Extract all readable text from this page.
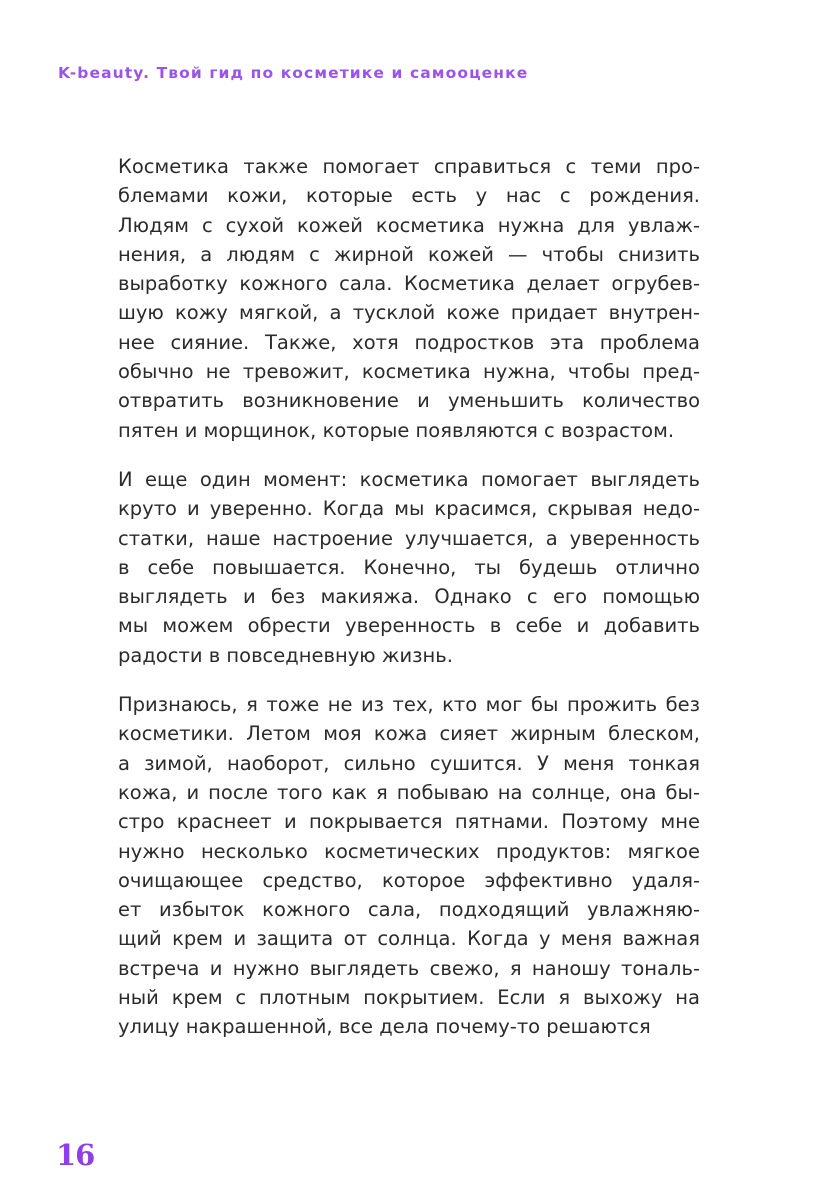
K-beauty. Твой гид по косметике и самооценке

Косметика также помогает справиться с теми про-
блемами кожи, которые есть у нас с рождения.
Людям с сухой кожей косметика нужна для увлаж-
нения, а людям с жирной кожей — чтобы снизить
выработку кожного сала. Косметика делает огрубев-
шую кожу мягкой, а тусклой коже придает внутрен-
нее сияние. Также, хотя подростков эта проблема
обычно не тревожит, косметика нужна, чтобы пред-
отвратить возникновение и уменьшить количество
пятен и морщинок, которые появляются с возрастом.

И еще один момент: косметика помогает выглядеть
круто и уверенно. Когда мы красимся, скрывая недо-
статки, наше настроение улучшается, а уверенность
в себе повышается. Конечно, ты будешь отлично
выглядеть и без макияжа. Однако с его помощью
мы можем обрести уверенность в себе и добавить
радости в повседневную жизнь.

Признаюсь, я тоже не из тех, кто мог бы прожить без
косметики. Летом моя кожа сияет жирным блеском,
а зимой, наоборот, сильно сушится. У меня тонкая
кожа, и после того как я побываю на солнце, она бы-
стро краснеет и покрывается пятнами. Поэтому мне
нужно несколько косметических продуктов: мягкое
очищающее средство, которое эффективно удаля-
ет избыток кожного сала, подходящий увлажняю-
щий крем и защита от солнца. Когда у меня важная
встреча и нужно выглядеть свежо, я наношу тональ-
ный крем с плотным покрытием. Если я выхожу на
улицу накрашенной, все дела почему-то решаются

16
